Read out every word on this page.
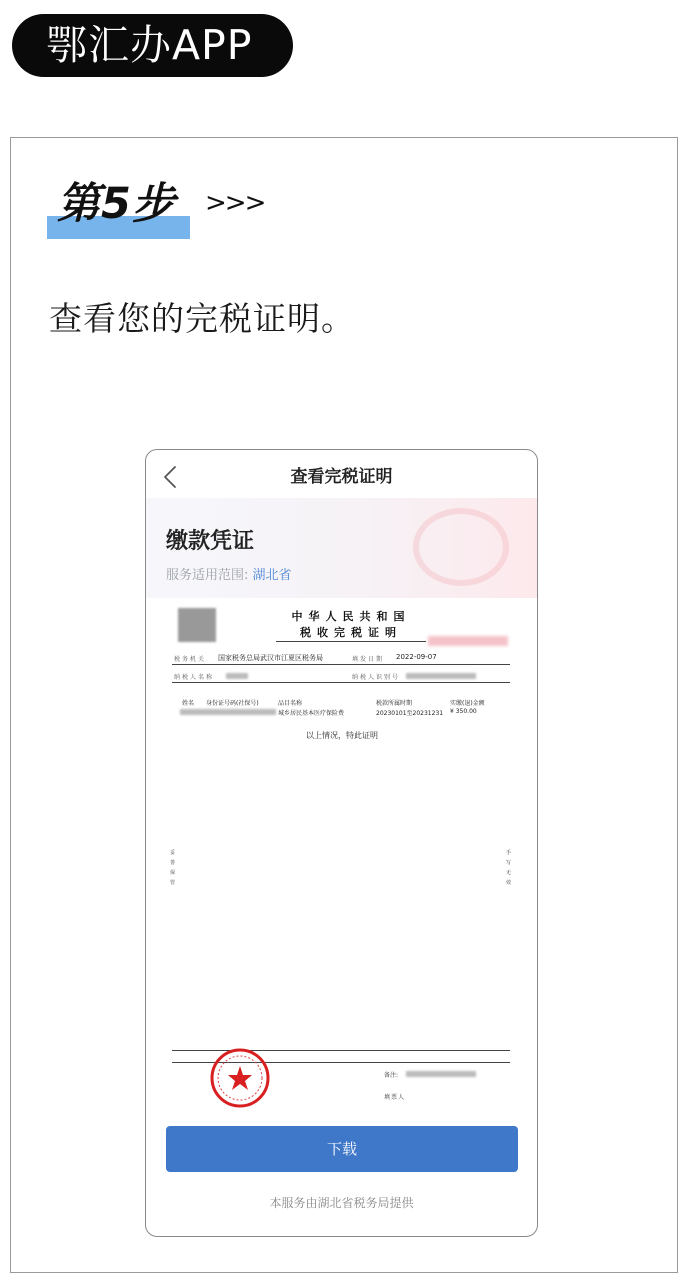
鄂汇办APP
第5步 >>>
查看您的完税证明。
查看完税证明
缴款凭证
服务适用范围: 湖北省
中华人民共和国
税收完税证明
税务机关 国家税务总局武汉市江夏区税务局	填发日期 2022-09-07
纳税人名称	纳税人识别号
姓名 身份证号码(社保号)	品目名称	税款所属时期	实缴(退)金额
城乡居民基本医疗保险费	20230101至20231231 ¥ 350.00
以上情况，特此证明
妥善保管
手写无效
备注:
填票人
下载
本服务由湖北省税务局提供
